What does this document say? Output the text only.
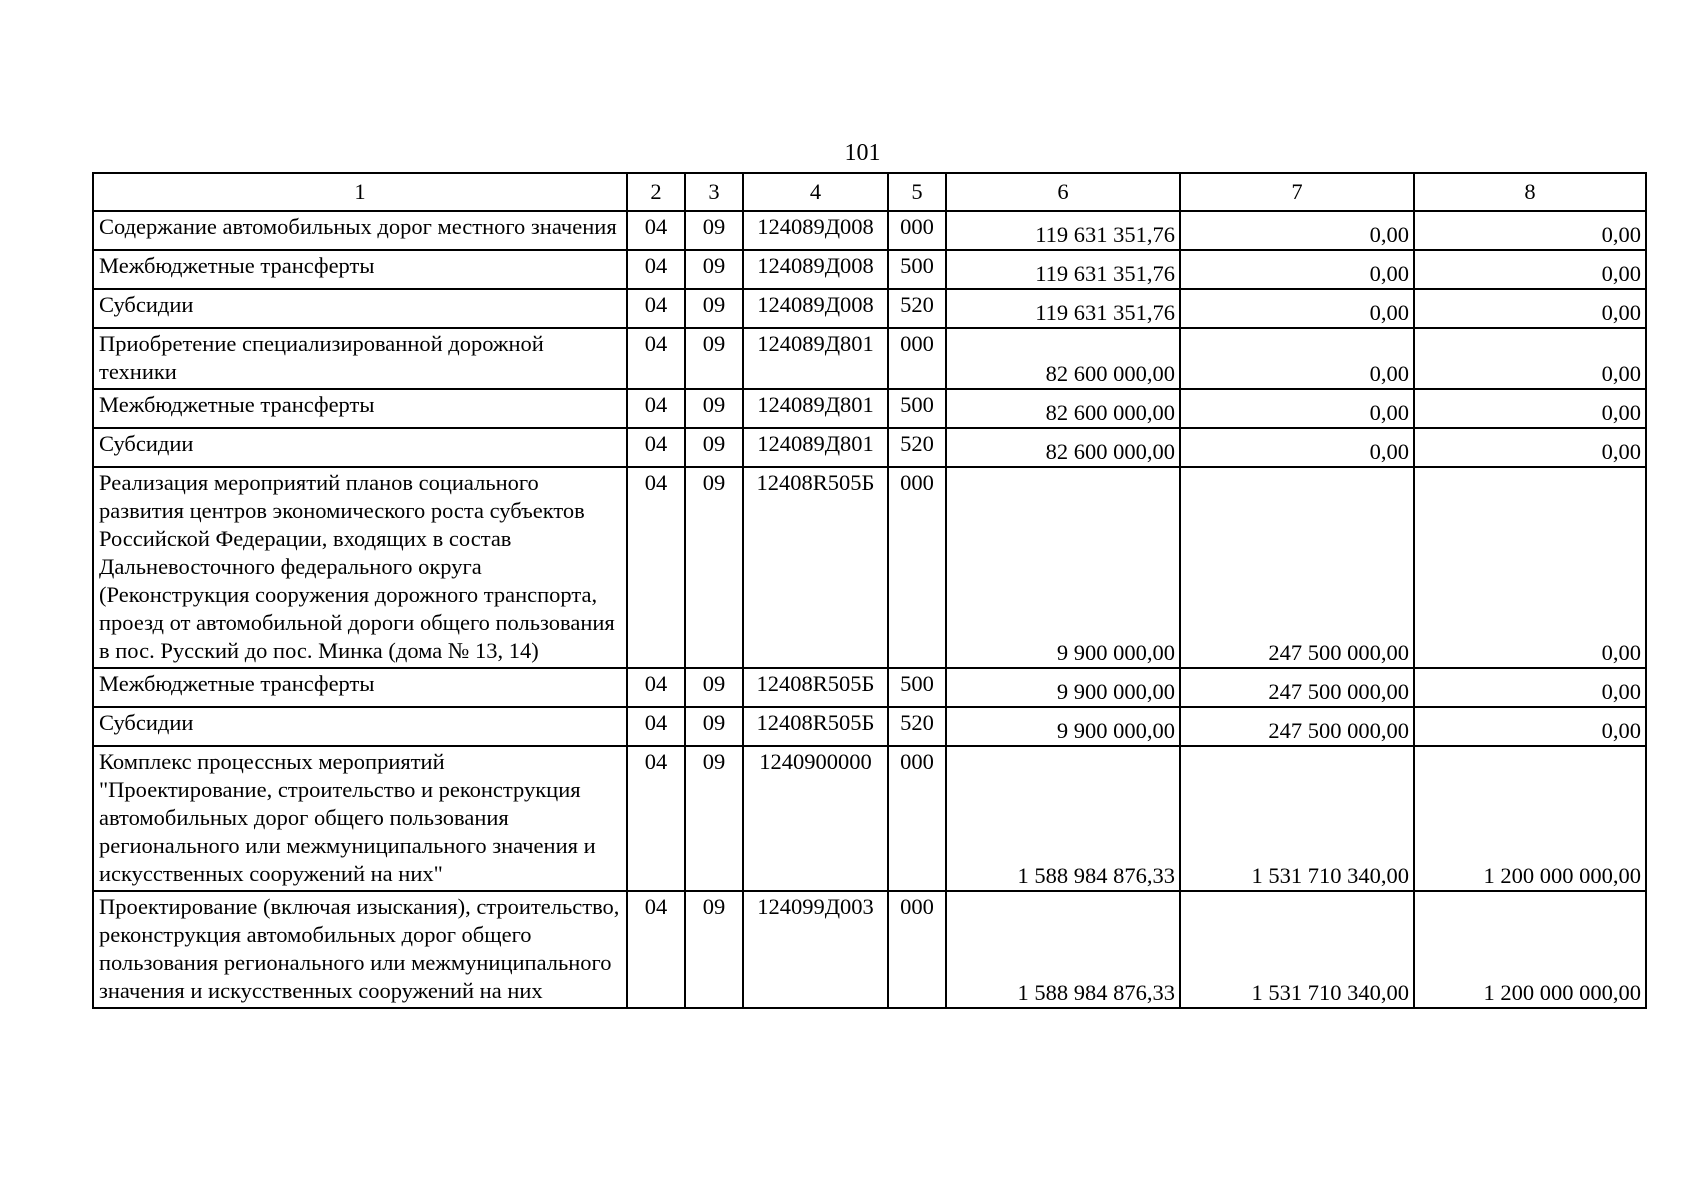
101
1	2	3	4	5	6	7	8
Содержание автомобильных дорог местного значения	04	09	124089Д008	000	119 631 351,76	0,00	0,00
Межбюджетные трансферты	04	09	124089Д008	500	119 631 351,76	0,00	0,00
Субсидии	04	09	124089Д008	520	119 631 351,76	0,00	0,00
Приобретение специализированной дорожной техники	04	09	124089Д801	000	82 600 000,00	0,00	0,00
Межбюджетные трансферты	04	09	124089Д801	500	82 600 000,00	0,00	0,00
Субсидии	04	09	124089Д801	520	82 600 000,00	0,00	0,00
Реализация мероприятий планов социального развития центров экономического роста субъектов Российской Федерации, входящих в состав Дальневосточного федерального округа (Реконструкция сооружения дорожного транспорта, проезд от автомобильной дороги общего пользования в пос. Русский до пос. Минка (дома № 13, 14)	04	09	12408R505Б	000	9 900 000,00	247 500 000,00	0,00
Межбюджетные трансферты	04	09	12408R505Б	500	9 900 000,00	247 500 000,00	0,00
Субсидии	04	09	12408R505Б	520	9 900 000,00	247 500 000,00	0,00
Комплекс процессных мероприятий "Проектирование, строительство и реконструкция автомобильных дорог общего пользования регионального или межмуниципального значения и искусственных сооружений на них"	04	09	1240900000	000	1 588 984 876,33	1 531 710 340,00	1 200 000 000,00
Проектирование (включая изыскания), строительство, реконструкция автомобильных дорог общего пользования регионального или межмуниципального значения и искусственных сооружений на них	04	09	124099Д003	000	1 588 984 876,33	1 531 710 340,00	1 200 000 000,00
